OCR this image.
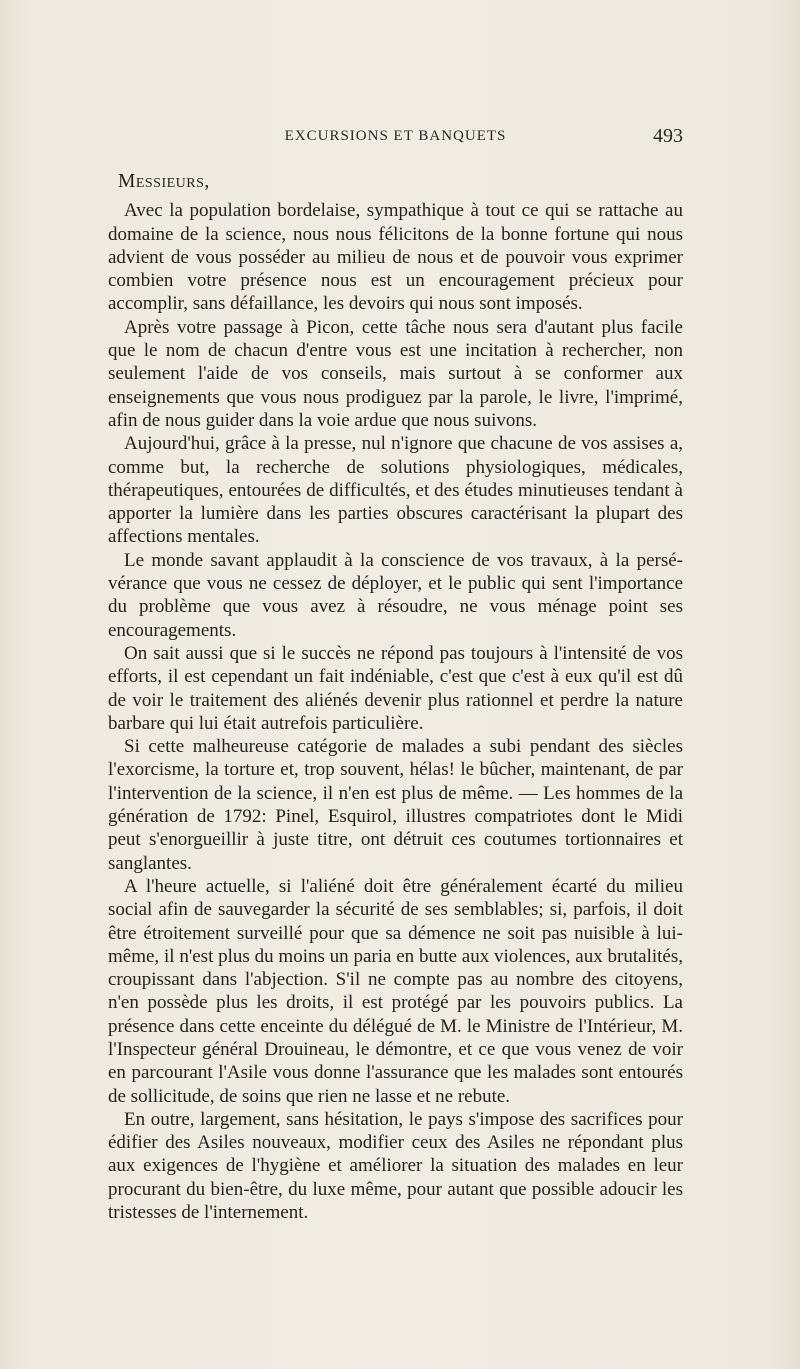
EXCURSIONS ET BANQUETS	493

Messieurs,

Avec la population bordelaise, sympathique à tout ce qui se rattache au domaine de la science, nous nous félicitons de la bonne fortune qui nous advient de vous posséder au milieu de nous et de pouvoir vous exprimer combien votre présence nous est un encouragement précieux pour accomplir, sans défaillance, les devoirs qui nous sont imposés.

Après votre passage à Picon, cette tâche nous sera d'autant plus facile que le nom de chacun d'entre vous est une incitation à rechercher, non seulement l'aide de vos conseils, mais surtout à se conformer aux enseignements que vous nous prodiguez par la parole, le livre, l'imprimé, afin de nous guider dans la voie ardue que nous suivons.

Aujourd'hui, grâce à la presse, nul n'ignore que chacune de vos assises a, comme but, la recherche de solutions physiologiques, médicales, thérapeutiques, entourées de difficultés, et des études minutieuses tendant à apporter la lumière dans les parties obscures caractérisant la plupart des affections mentales.

Le monde savant applaudit à la conscience de vos travaux, à la persévérance que vous ne cessez de déployer, et le public qui sent l'importance du problème que vous avez à résoudre, ne vous ménage point ses encouragements.

On sait aussi que si le succès ne répond pas toujours à l'intensité de vos efforts, il est cependant un fait indéniable, c'est que c'est à eux qu'il est dû de voir le traitement des aliénés devenir plus rationnel et perdre la nature barbare qui lui était autrefois particulière.

Si cette malheureuse catégorie de malades a subi pendant des siècles l'exorcisme, la torture et, trop souvent, hélas! le bûcher, maintenant, de par l'intervention de la science, il n'en est plus de même. — Les hommes de la génération de 1792: Pinel, Esquirol, illustres compatriotes dont le Midi peut s'enorgueillir à juste titre, ont détruit ces coutumes tortionnaires et sanglantes.

A l'heure actuelle, si l'aliéné doit être généralement écarté du milieu social afin de sauvegarder la sécurité de ses semblables; si, parfois, il doit être étroitement surveillé pour que sa démence ne soit pas nuisible à lui-même, il n'est plus du moins un paria en butte aux violences, aux brutalités, croupissant dans l'abjection. S'il ne compte pas au nombre des citoyens, n'en possède plus les droits, il est protégé par les pouvoirs publics. La présence dans cette enceinte du délégué de M. le Ministre de l'Intérieur, M. l'Inspecteur général Drouineau, le démontre, et ce que vous venez de voir en parcourant l'Asile vous donne l'assurance que les malades sont entourés de sollicitude, de soins que rien ne lasse et ne rebute.

En outre, largement, sans hésitation, le pays s'impose des sacrifices pour édifier des Asiles nouveaux, modifier ceux des Asiles ne répondant plus aux exigences de l'hygiène et améliorer la situation des malades en leur procurant du bien-être, du luxe même, pour autant que possible adoucir les tristesses de l'internement.
